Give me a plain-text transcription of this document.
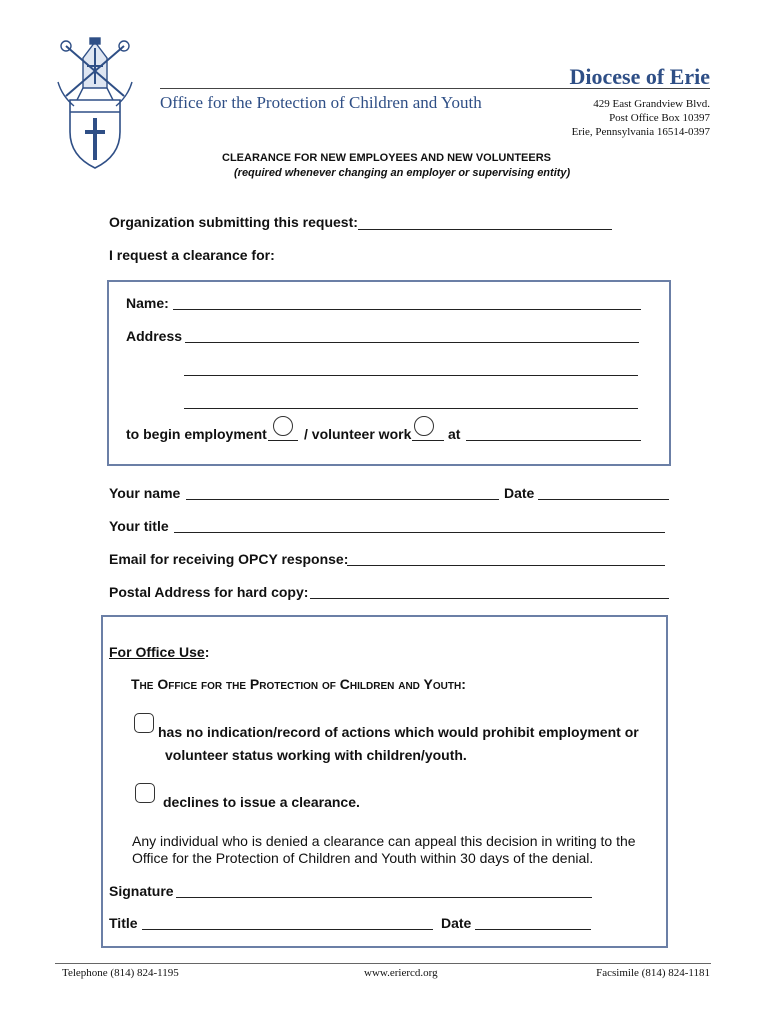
Diocese of Erie
Office for the Protection of Children and Youth	429 East Grandview Blvd.
Post Office Box 10397
Erie, Pennsylvania 16514-0397
CLEARANCE FOR NEW EMPLOYEES AND NEW VOLUNTEERS
(required whenever changing an employer or supervising entity)
Organization submitting this request:
I request a clearance for:
Name:
Address
to begin employment	/ volunteer work	at
Your name	Date
Your title
Email for receiving OPCY response:
Postal Address for hard copy:
For Office Use:
The Office for the Protection of Children and Youth:
has no indication/record of actions which would prohibit employment or
volunteer status working with children/youth.
declines to issue a clearance.
Any individual who is denied a clearance can appeal this decision in writing to the
Office for the Protection of Children and Youth within 30 days of the denial.
Signature
Title	Date
Telephone (814) 824-1195	www.eriercd.org	Facsimile (814) 824-1181
